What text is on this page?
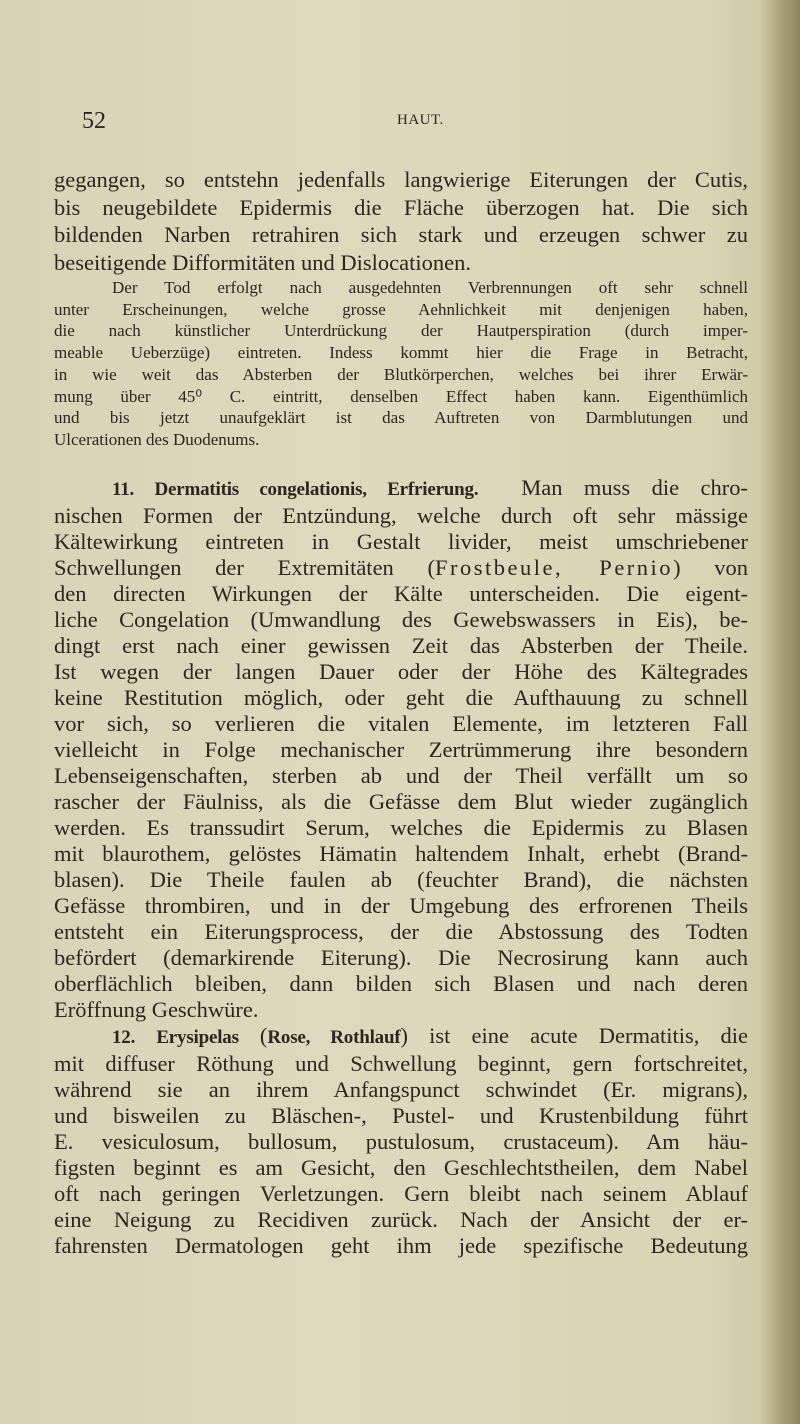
52	HAUT.
gegangen, so entstehn jedenfalls langwierige Eiterungen der Cutis,
bis neugebildete Epidermis die Fläche überzogen hat. Die sich
bildenden Narben retrahiren sich stark und erzeugen schwer zu
beseitigende Difformitäten und Dislocationen.
Der Tod erfolgt nach ausgedehnten Verbrennungen oft sehr schnell
unter Erscheinungen, welche grosse Aehnlichkeit mit denjenigen haben,
die nach künstlicher Unterdrückung der Hautperspiration (durch imper-
meable Ueberzüge) eintreten. Indess kommt hier die Frage in Betracht,
in wie weit das Absterben der Blutkörperchen, welches bei ihrer Erwär-
mung über 45⁰ C. eintritt, denselben Effect haben kann. Eigenthümlich
und bis jetzt unaufgeklärt ist das Auftreten von Darmblutungen und
Ulcerationen des Duodenums.
11. Dermatitis congelationis, Erfrierung. Man muss die chro-
nischen Formen der Entzündung, welche durch oft sehr mässige
Kältewirkung eintreten in Gestalt livider, meist umschriebener
Schwellungen der Extremitäten (Frostbeule, Pernio) von
den directen Wirkungen der Kälte unterscheiden. Die eigent-
liche Congelation (Umwandlung des Gewebswassers in Eis), be-
dingt erst nach einer gewissen Zeit das Absterben der Theile.
Ist wegen der langen Dauer oder der Höhe des Kältegrades
keine Restitution möglich, oder geht die Aufthauung zu schnell
vor sich, so verlieren die vitalen Elemente, im letzteren Fall
vielleicht in Folge mechanischer Zertrümmerung ihre besondern
Lebenseigenschaften, sterben ab und der Theil verfällt um so
rascher der Fäulniss, als die Gefässe dem Blut wieder zugänglich
werden. Es transsudirt Serum, welches die Epidermis zu Blasen
mit blaurothem, gelöstes Hämatin haltendem Inhalt, erhebt (Brand-
blasen). Die Theile faulen ab (feuchter Brand), die nächsten
Gefässe thrombiren, und in der Umgebung des erfrorenen Theils
entsteht ein Eiterungsprocess, der die Abstossung des Todten
befördert (demarkirende Eiterung). Die Necrosirung kann auch
oberflächlich bleiben, dann bilden sich Blasen und nach deren
Eröffnung Geschwüre.
12. Erysipelas (Rose, Rothlauf) ist eine acute Dermatitis, die
mit diffuser Röthung und Schwellung beginnt, gern fortschreitet,
während sie an ihrem Anfangspunct schwindet (Er. migrans),
und bisweilen zu Bläschen-, Pustel- und Krustenbildung führt
E. vesiculosum, bullosum, pustulosum, crustaceum). Am häu-
figsten beginnt es am Gesicht, den Geschlechtstheilen, dem Nabel
oft nach geringen Verletzungen. Gern bleibt nach seinem Ablauf
eine Neigung zu Recidiven zurück. Nach der Ansicht der er-
fahrensten Dermatologen geht ihm jede spezifische Bedeutung
